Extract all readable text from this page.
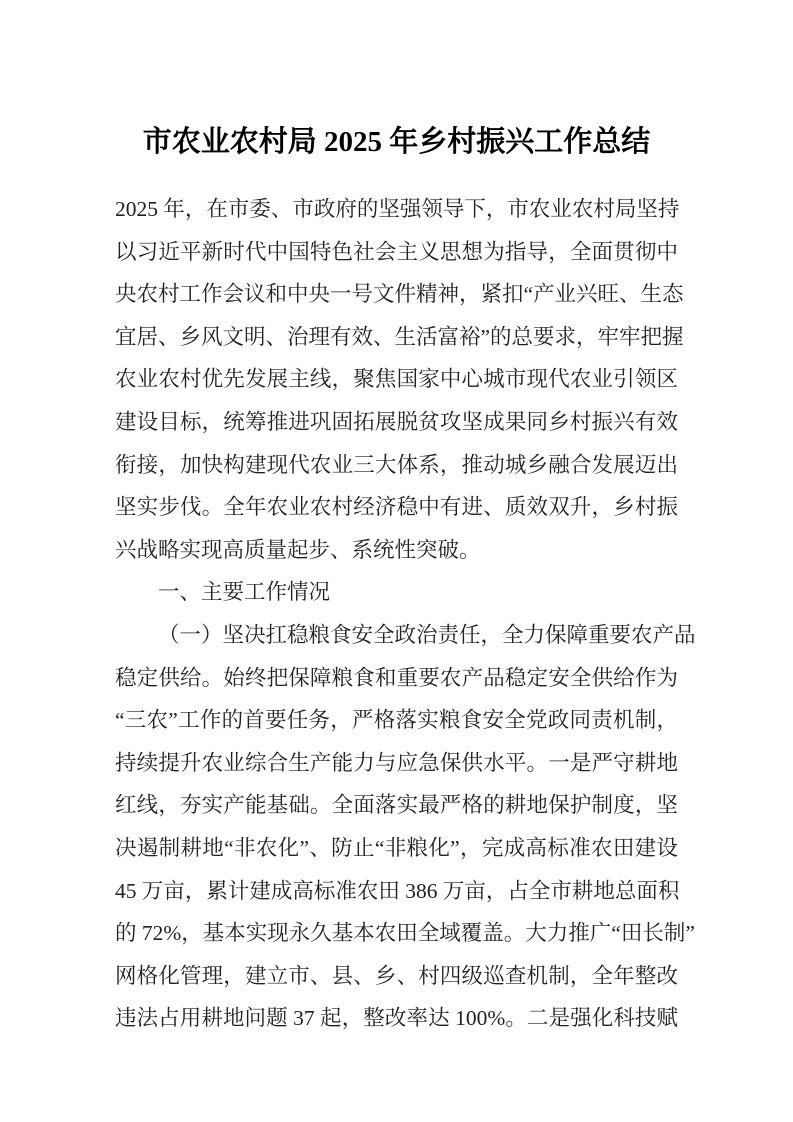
市农业农村局 2025 年乡村振兴工作总结
2025 年，在市委、市政府的坚强领导下，市农业农村局坚持
以习近平新时代中国特色社会主义思想为指导，全面贯彻中
央农村工作会议和中央一号文件精神，紧扣“产业兴旺、生态
宜居、乡风文明、治理有效、生活富裕”的总要求，牢牢把握
农业农村优先发展主线，聚焦国家中心城市现代农业引领区
建设目标，统筹推进巩固拓展脱贫攻坚成果同乡村振兴有效
衔接，加快构建现代农业三大体系，推动城乡融合发展迈出
坚实步伐。全年农业农村经济稳中有进、质效双升，乡村振
兴战略实现高质量起步、系统性突破。
一、主要工作情况
（一）坚决扛稳粮食安全政治责任，全力保障重要农产品
稳定供给。始终把保障粮食和重要农产品稳定安全供给作为
“三农”工作的首要任务，严格落实粮食安全党政同责机制，
持续提升农业综合生产能力与应急保供水平。一是严守耕地
红线，夯实产能基础。全面落实最严格的耕地保护制度，坚
决遏制耕地“非农化”、防止“非粮化”，完成高标准农田建设
45 万亩，累计建成高标准农田 386 万亩，占全市耕地总面积
的 72%，基本实现永久基本农田全域覆盖。大力推广“田长制”
网格化管理，建立市、县、乡、村四级巡查机制，全年整改
违法占用耕地问题 37 起，整改率达 100%。二是强化科技赋
